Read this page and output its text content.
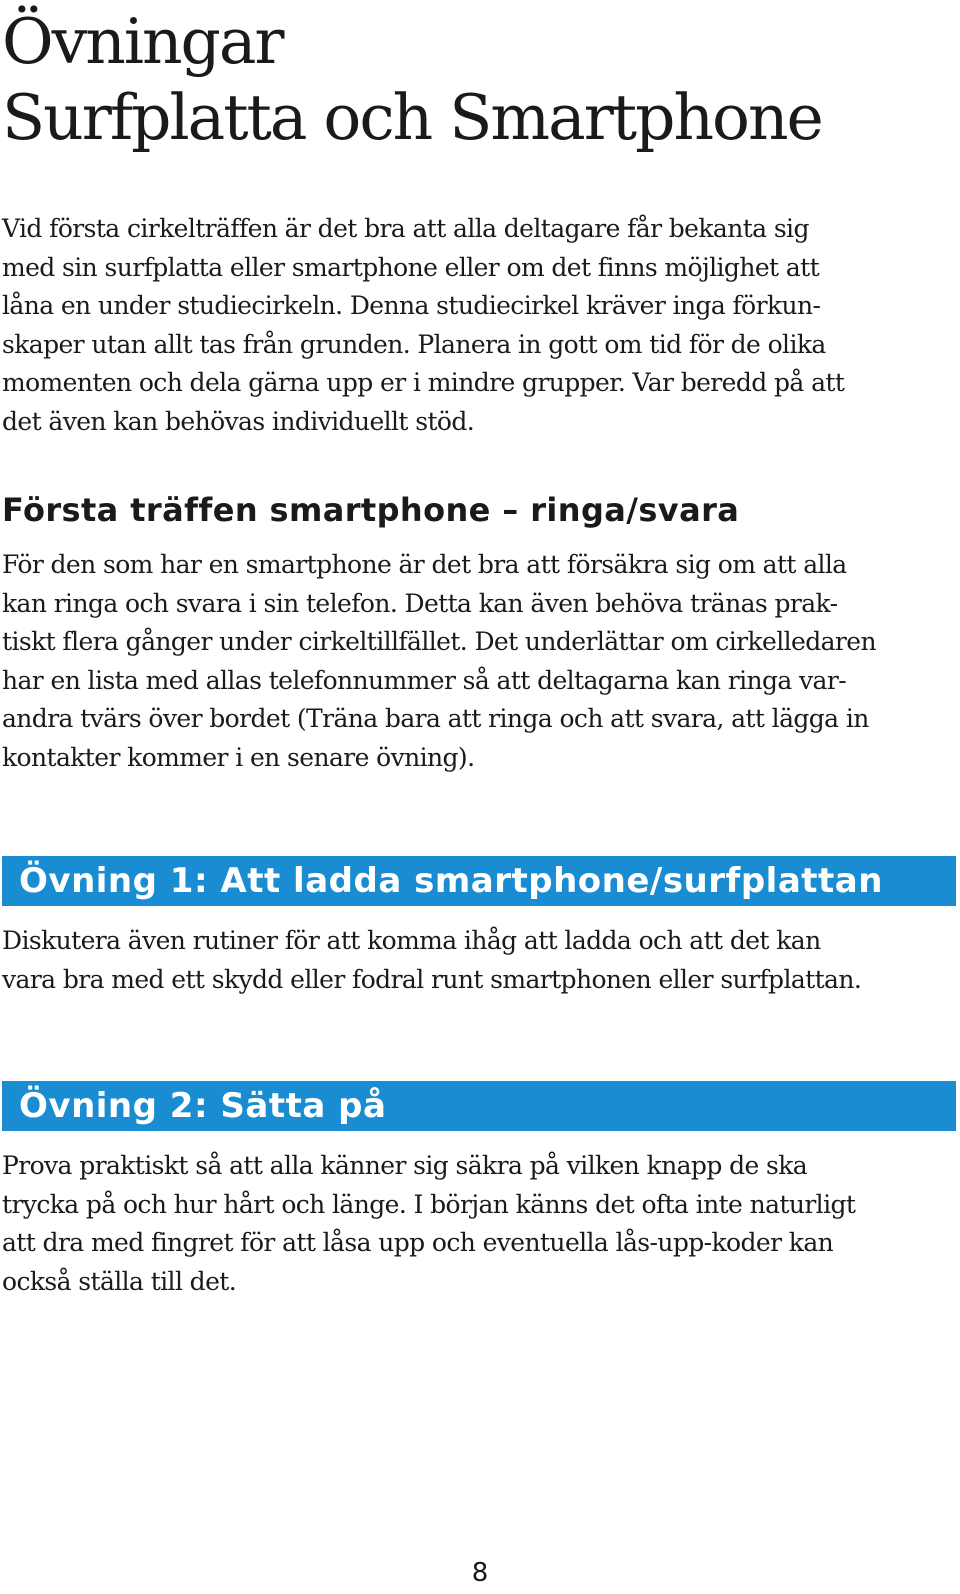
Övningar
Surfplatta och Smartphone

Vid första cirkelträffen är det bra att alla deltagare får bekanta sig
med sin surfplatta eller smartphone eller om det finns möjlighet att
låna en under studiecirkeln. Denna studiecirkel kräver inga förkun-
skaper utan allt tas från grunden. Planera in gott om tid för de olika
momenten och dela gärna upp er i mindre grupper. Var beredd på att
det även kan behövas individuellt stöd.

Första träffen smartphone – ringa/svara

För den som har en smartphone är det bra att försäkra sig om att alla
kan ringa och svara i sin telefon. Detta kan även behöva tränas prak-
tiskt flera gånger under cirkeltillfället. Det underlättar om cirkelledaren
har en lista med allas telefonnummer så att deltagarna kan ringa var-
andra tvärs över bordet (Träna bara att ringa och att svara, att lägga in
kontakter kommer i en senare övning).

Övning 1: Att ladda smartphone/surfplattan

Diskutera även rutiner för att komma ihåg att ladda och att det kan
vara bra med ett skydd eller fodral runt smartphonen eller surfplattan.

Övning 2: Sätta på

Prova praktiskt så att alla känner sig säkra på vilken knapp de ska
trycka på och hur hårt och länge. I början känns det ofta inte naturligt
att dra med fingret för att låsa upp och eventuella lås-upp-koder kan
också ställa till det.

8
